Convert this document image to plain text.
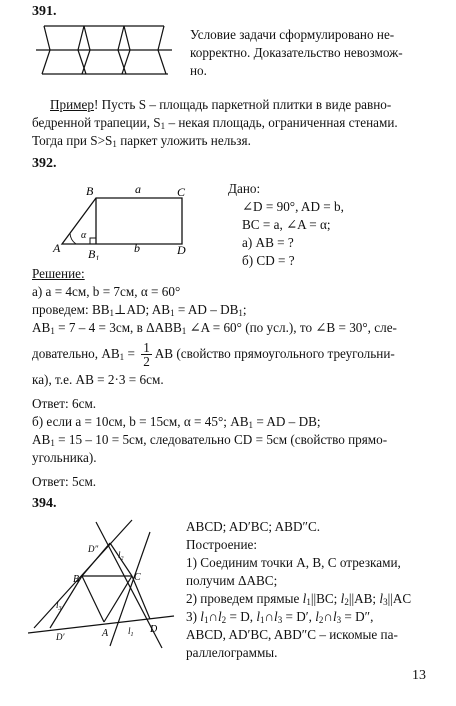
391.
Условие задачи сформулировано не-
корректно. Доказательство невозмож-
но.
Пример! Пусть S – площадь паркетной плитки в виде равно-
бедренной трапеции, $S_1$ – некая площадь, ограниченная стенами.
Тогда при $S>S_1$ паркет уложить нельзя.
392.
B	a	C
α
A	b	D
$B_1$
Дано:
∠D = 90°, AD = b,
BC = a, ∠A = α;
а) AB = ?
б) CD = ?
Решение:
а) a = 4см, b = 7см, α = 60°
проведем: $BB_1\perp AD$; $AB_1$ = AD – $DB_1$;
$AB_1 = 7 - 4 = 3см$, в $\Delta ABB_1$ ∠A = 60° (по усл.), то ∠B = 30°, сле-
довательно, $AB_1 = \frac{1}{2}$ AB (свойство прямоугольного треугольни-
ка), т.е. AB = 2·3 = 6см.
Ответ: 6см.
б) если a = 10см, b = 15см, α = 45°; $AB_1$ = AD – DB;
$AB_1 = 15 - 10 = 5см$, следовательно CD = 5см (свойство прямо-
угольника).
Ответ: 5см.
394.
D″
$l_2$
B	C
$l_3$
D′	A $l_1$ D
ABCD; AD′BC; ABD″C.
Построение:
1) Соединим точки A, B, C отрезками,
получим ΔABC;
2) проведем прямые $l_1||BC$; $l_2||AB$; $l_3||AC$
3) $l_1\cap l_2 = D$, $l_1\cap l_3 = D'$, $l_2\cap l_3 = D''$,
ABCD, AD′BC, ABD″C – искомые па-
раллелограммы.
13
